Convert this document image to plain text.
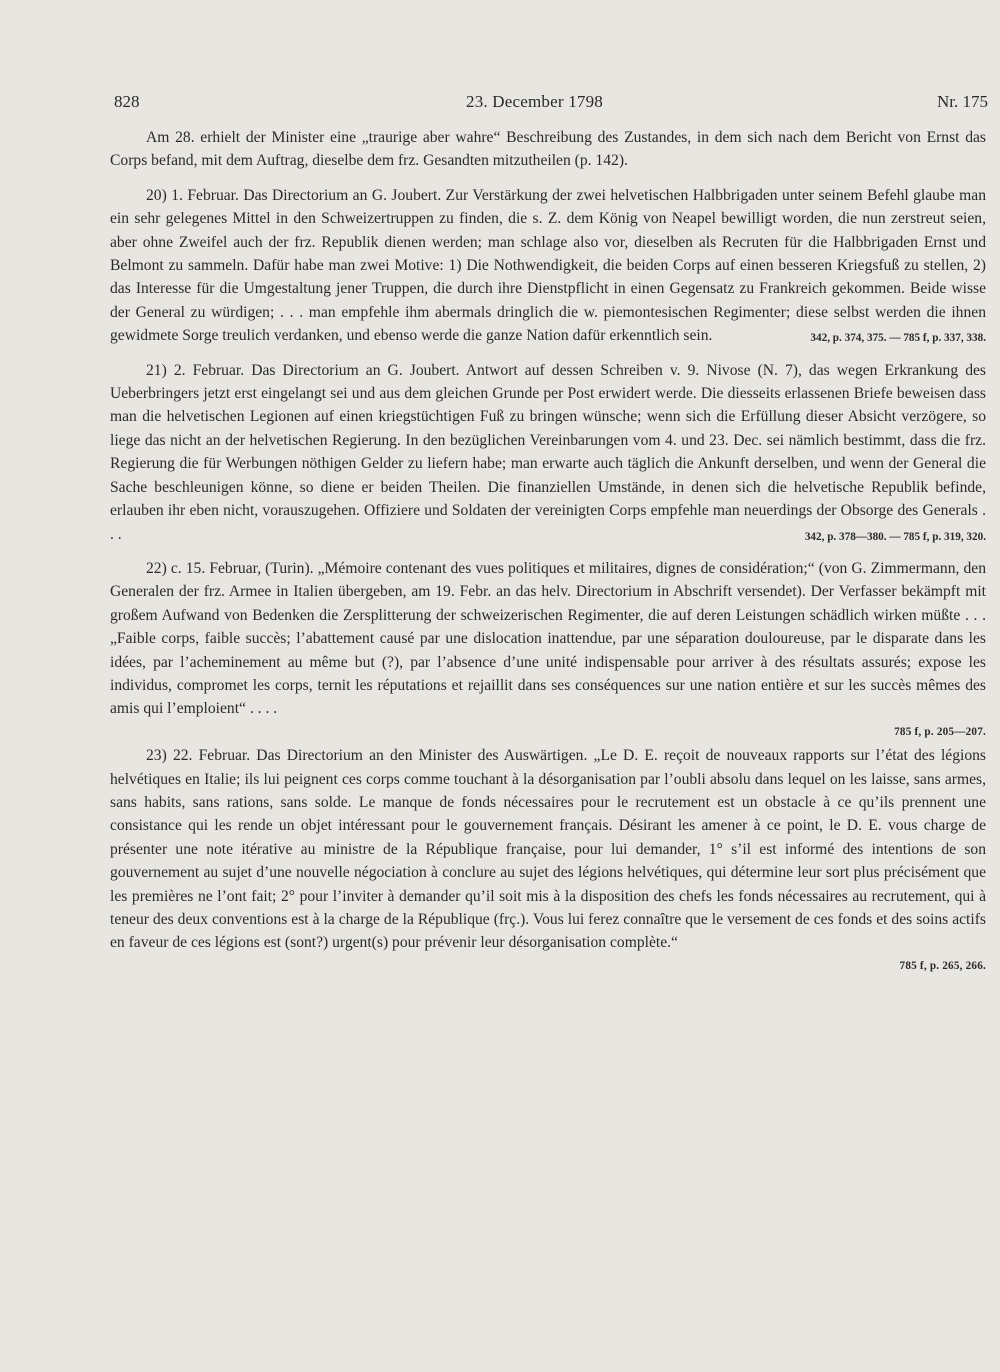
828	23. December 1798	Nr. 175

Am 28. erhielt der Minister eine „traurige aber wahre“ Beschreibung des Zustandes, in dem sich nach dem Bericht von Ernst das Corps befand, mit dem Auftrag, dieselbe dem frz. Gesandten mitzutheilen (p. 142).

20) 1. Februar. Das Directorium an G. Joubert. Zur Verstärkung der zwei helvetischen Halbbrigaden unter seinem Befehl glaube man ein sehr gelegenes Mittel in den Schweizertruppen zu finden, die s. Z. dem König von Neapel bewilligt worden, die nun zerstreut seien, aber ohne Zweifel auch der frz. Republik dienen werden; man schlage also vor, dieselben als Recruten für die Halbbrigaden Ernst und Belmont zu sammeln. Dafür habe man zwei Motive: 1) Die Nothwendigkeit, die beiden Corps auf einen besseren Kriegsfuß zu stellen, 2) das Interesse für die Umgestaltung jener Truppen, die durch ihre Dienstpflicht in einen Gegensatz zu Frankreich gekommen. Beide wisse der General zu würdigen; . . . man empfehle ihm abermals dringlich die w. piemontesischen Regimenter; diese selbst werden die ihnen gewidmete Sorge treulich verdanken, und ebenso werde die ganze Nation dafür erkenntlich sein.	342, p. 374, 375. — 785 f, p. 337, 338.

21) 2. Februar. Das Directorium an G. Joubert. Antwort auf dessen Schreiben v. 9. Nivose (N. 7), das wegen Erkrankung des Ueberbringers jetzt erst eingelangt sei und aus dem gleichen Grunde per Post erwidert werde. Die diesseits erlassenen Briefe beweisen dass man die helvetischen Legionen auf einen kriegstüchtigen Fuß zu bringen wünsche; wenn sich die Erfüllung dieser Absicht verzögere, so liege das nicht an der helvetischen Regierung. In den bezüglichen Vereinbarungen vom 4. und 23. Dec. sei nämlich bestimmt, dass die frz. Regierung die für Werbungen nöthigen Gelder zu liefern habe; man erwarte auch täglich die Ankunft derselben, und wenn der General die Sache beschleunigen könne, so diene er beiden Theilen. Die finanziellen Umstände, in denen sich die helvetische Republik befinde, erlauben ihr eben nicht, vorauszugehen. Offiziere und Soldaten der vereinigten Corps empfehle man neuerdings der Obsorge des Generals . . .	342, p. 378—380. — 785 f, p. 319, 320.

22) c. 15. Februar, (Turin). „Mémoire contenant des vues politiques et militaires, dignes de considération;“ (von G. Zimmermann, den Generalen der frz. Armee in Italien übergeben, am 19. Febr. an das helv. Directorium in Abschrift versendet). Der Verfasser bekämpft mit großem Aufwand von Bedenken die Zersplitterung der schweizerischen Regimenter, die auf deren Leistungen schädlich wirken müßte . . . „Faible corps, faible succès; l’abattement causé par une dislocation inattendue, par une séparation douloureuse, par le disparate dans les idées, par l’acheminement au même but (?), par l’absence d’une unité indispensable pour arriver à des résultats assurés; expose les individus, compromet les corps, ternit les réputations et rejaillit dans ses conséquences sur une nation entière et sur les succès mêmes des amis qui l’emploient“ . . . .

785 f, p. 205—207.

23) 22. Februar. Das Directorium an den Minister des Auswärtigen. „Le D. E. reçoit de nouveaux rapports sur l’état des légions helvétiques en Italie; ils lui peignent ces corps comme touchant à la désorganisation par l’oubli absolu dans lequel on les laisse, sans armes, sans habits, sans rations, sans solde. Le manque de fonds nécessaires pour le recrutement est un obstacle à ce qu’ils prennent une consistance qui les rende un objet intéressant pour le gouvernement français. Désirant les amener à ce point, le D. E. vous charge de présenter une note itérative au ministre de la République française, pour lui demander, 1° s’il est informé des intentions de son gouvernement au sujet d’une nouvelle négociation à conclure au sujet des légions helvétiques, qui détermine leur sort plus précisément que les premières ne l’ont fait; 2° pour l’inviter à demander qu’il soit mis à la disposition des chefs les fonds nécessaires au recrutement, qui à teneur des deux conventions est à la charge de la République (frç.). Vous lui ferez connaître que le versement de ces fonds et des soins actifs en faveur de ces légions est (sont?) urgent(s) pour prévenir leur désorganisation complète.“

785 f, p. 265, 266.
